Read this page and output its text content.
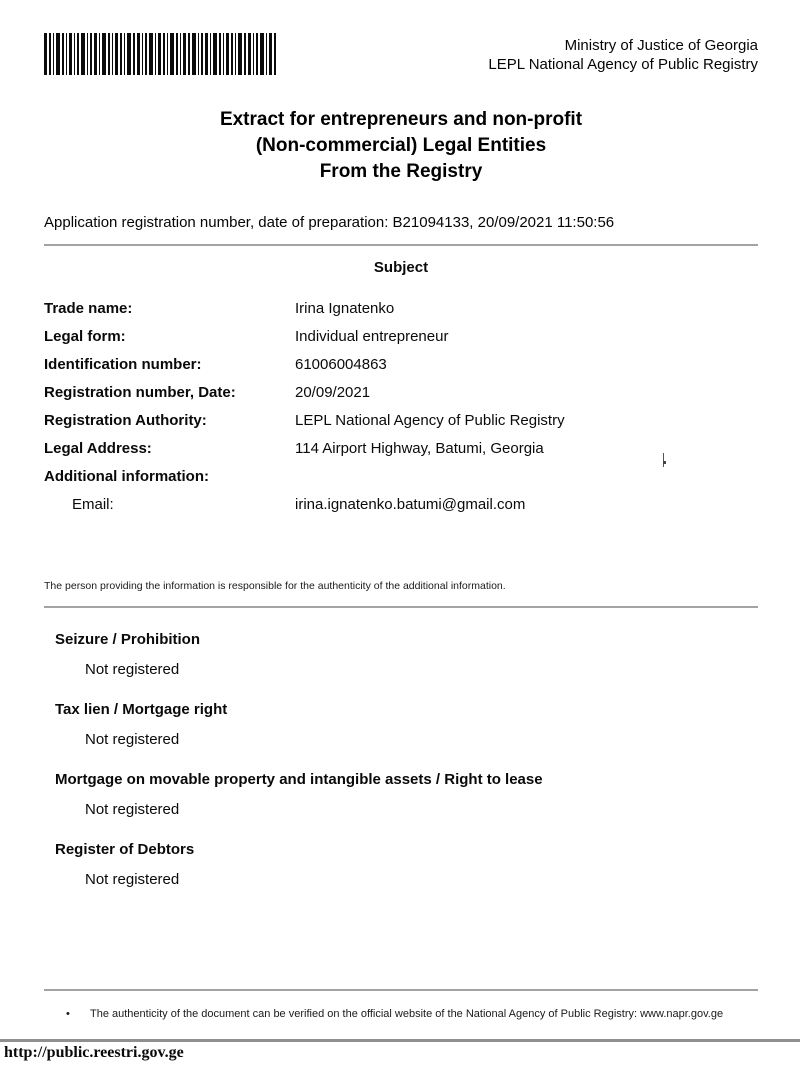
Ministry of Justice of Georgia
LEPL National Agency of Public Registry
Extract for entrepreneurs and non-profit
(Non-commercial) Legal Entities
From the Registry
Application registration number, date of preparation: B21094133, 20/09/2021 11:50:56
Subject
Trade name:	Irina Ignatenko
Legal form:	Individual entrepreneur
Identification number:	61006004863
Registration number, Date:	20/09/2021
Registration Authority:	LEPL National Agency of Public Registry
Legal Address:	114 Airport Highway, Batumi, Georgia
Additional information:
Email:	irina.ignatenko.batumi@gmail.com
The person providing the information is responsible for the authenticity of the additional information.
Seizure / Prohibition
Not registered
Tax lien / Mortgage right
Not registered
Mortgage on movable property and intangible assets / Right to lease
Not registered
Register of Debtors
Not registered
•	The authenticity of the document can be verified on the official website of the National Agency of Public Registry: www.napr.gov.ge
http://public.reestri.gov.ge
